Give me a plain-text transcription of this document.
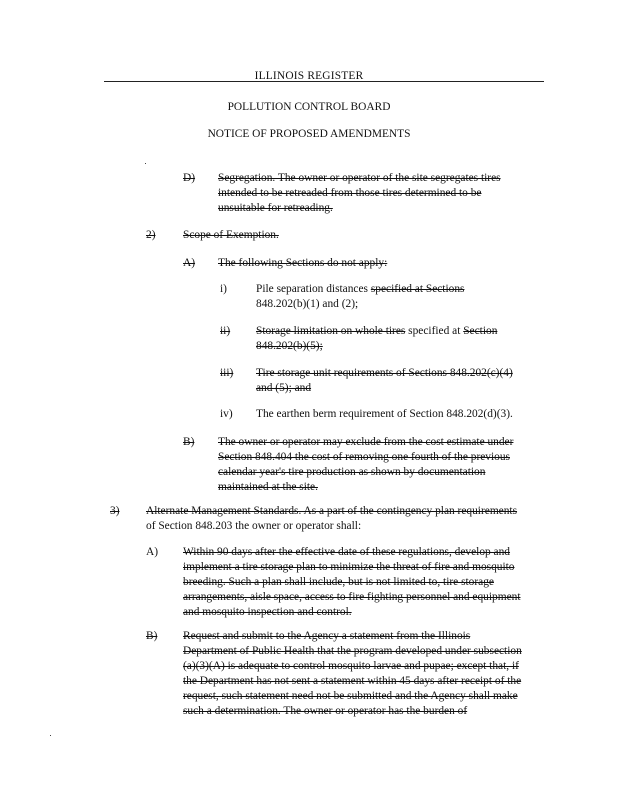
ILLINOIS REGISTER
POLLUTION CONTROL BOARD
NOTICE OF PROPOSED AMENDMENTS
D) Segregation. The owner or operator of the site segregates tires
intended to be retreaded from those tires determined to be
unsuitable for retreading.
2) Scope of Exemption.
A) The following Sections do not apply:
i)	Pile separation distances specified at Sections
848.202(b)(1) and (2);
ii) Storage limitation on whole tires specified at Section
848.202(b)(5);
iii) Tire storage unit requirements of Sections 848.202(c)(4)
and (5); and
iv) The earthen berm requirement of Section 848.202(d)(3).
B) The owner or operator may exclude from the cost estimate under
Section 848.404 the cost of removing one fourth of the previous
calendar year's tire production as shown by documentation
maintained at the site.
3) Alternate Management Standards. As a part of the contingency plan requirements
of Section 848.203 the owner or operator shall:
A) Within 90 days after the effective date of these regulations, develop and
implement a tire storage plan to minimize the threat of fire and mosquito
breeding. Such a plan shall include, but is not limited to, tire storage
arrangements, aisle space, access to fire fighting personnel and equipment
and mosquito inspection and control.
B) Request and submit to the Agency a statement from the Illinois
Department of Public Health that the program developed under subsection
(a)(3)(A) is adequate to control mosquito larvae and pupae; except that, if
the Department has not sent a statement within 45 days after receipt of the
request, such statement need not be submitted and the Agency shall make
such a determination. The owner or operator has the burden of
